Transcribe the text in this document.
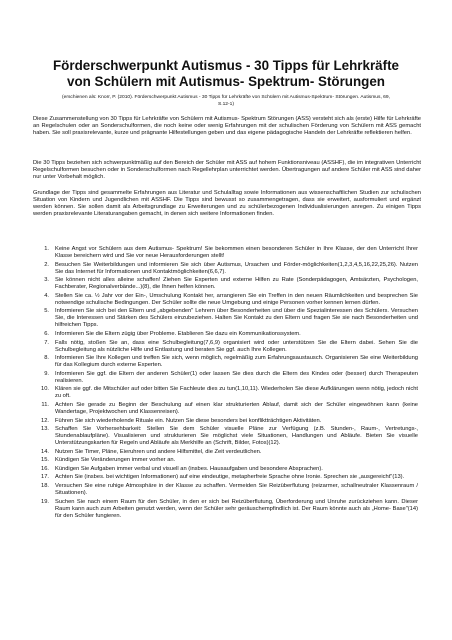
Förderschwerpunkt Autismus - 30 Tipps für Lehrkräfte von Schülern mit Autismus- Spektrum- Störungen
(erschienen als: Knorr, P. (2010). Förderschwerpunkt Autismus - 30 Tipps für Lehrkräfte von Schülern mit Autismus-Spektrum- Störungen. Autismus, 69, S.12-1)

Diese Zusammenstellung von 30 Tipps für Lehrkräfte von Schülern mit Autismus- Spektrum Störungen (ASS) versteht sich als (erste) Hilfe für Lehrkräfte an Regelschulen oder an Sonderschulformen, die noch keine oder wenig Erfahrungen mit der schulischen Förderung von Schülern mit ASS gemacht haben. Sie soll praxisrelevante, kurze und prägnante Hilfestellungen geben und das eigene pädagogische Handeln der Lehrkräfte reflektieren helfen.

Die 30 Tipps beziehen sich schwerpunktmäßig auf den Bereich der Schüler mit ASS auf hohem Funktionsniveau (ASSHF), die im integrativen Unterricht Regelschulformen besuchen oder in Sonderschulformen nach Regellehrplan unterrichtet werden. Übertragungen auf andere Schüler mit ASS sind daher nur unter Vorbehalt möglich.

Grundlage der Tipps sind gesammelte Erfahrungen aus Literatur und Schulalltag sowie Informationen aus wissenschaftlichen Studien zur schulischen Situation von Kindern und Jugendlichen mit ASSHF. Die Tipps sind bewusst so zusammengetragen, dass sie erweitert, ausformuliert und ergänzt werden können. Sie sollen damit als Arbeitsgrundlage zu Erweiterungen und zu schülerbezogenen Individualisierungen anregen. Zu einigen Tipps werden praxisrelevante Literaturangaben gemacht, in denen sich weitere Informationen finden.

1.	Keine Angst vor Schülern aus dem Autismus- Spektrum! Sie bekommen einen besonderen Schüler in Ihre Klasse, der den Unterricht Ihrer Klasse bereichern wird und Sie vor neue Herausforderungen stellt!
2.	Besuchen Sie Weiterbildungen und informieren Sie sich über Autismus, Ursachen und Förder-möglichkeiten(1,2,3,4,5,16,22,25,26). Nutzen Sie das Internet für Informationen und Kontaktmöglichkeiten(6,6,7).
3.	Sie können nicht alles alleine schaffen! Ziehen Sie Experten und externe Hilfen zu Rate (Sonderpädagogen, Amtsärzten, Psychologen, Fachberater, Regionalverbände...)(8), die Ihnen helfen können.
4.	Stellen Sie ca. ½ Jahr vor der Ein-, Umschulung Kontakt her, arrangieren Sie ein Treffen in den neuen Räumlichkeiten und besprechen Sie notwendige schulische Bedingungen. Der Schüler sollte die neue Umgebung und einige Personen vorher kennen lernen dürfen.
5.	Informieren Sie sich bei den Eltern und „abgebenden" Lehrern über Besonderheiten und über die Spezialinteressen des Schülers. Versuchen Sie, die Interessen und Stärken des Schülers einzubeziehen. Halten Sie Kontakt zu den Eltern und fragen Sie sie nach Besonderheiten und hilfreichen Tipps.
6.	Informieren Sie die Eltern zügig über Probleme. Etablieren Sie dazu ein Kommunikationssystem.
7.	Falls nötig, stoßen Sie an, dass eine Schulbegleitung(7,6,9) organisiert wird oder unterstützen Sie die Eltern dabei. Sehen Sie die Schulbegleitung als nützliche Hilfe und Entlastung und beraten Sie ggf. auch Ihre Kollegen.
8.	Informieren Sie Ihre Kollegen und treffen Sie sich, wenn möglich, regelmäßig zum Erfahrungsaustausch. Organisieren Sie eine Weiterbildung für das Kollegium durch externe Experten.
9.	Informieren Sie ggf. die Eltern der anderen Schüler(1) oder lassen Sie dies durch die Eltern des Kindes oder (besser) durch Therapeuten realisieren.
10.	Klären sie ggf. die Mitschüler auf oder bitten Sie Fachleute dies zu tun(1,10,11). Wiederholen Sie diese Aufklärungen wenn nötig, jedoch nicht zu oft.
11.	Achten Sie gerade zu Beginn der Beschulung auf einen klar strukturierten Ablauf, damit sich der Schüler eingewöhnen kann (keine Wandertage, Projektwochen und Klassenreisen).
12.	Führen Sie sich wiederholende Rituale ein. Nutzen Sie diese besonders bei konfliktträchtigen Aktivitäten.
13.	Schaffen Sie Vorhersehbarkeit: Stellen Sie dem Schüler visuelle Pläne zur Verfügung (z.B. Stunden-, Raum-, Vertretungs-, Stundenablaufpläne). Visualisieren und strukturieren Sie möglichst viele Situationen, Handlungen und Abläufe. Bieten Sie visuelle Unterstützungskarten für Regeln und Abläufe als Merkhilfe an (Schrift, Bilder, Fotos)(12).
14.	Nutzen Sie Timer, Pläne, Eieruhren und andere Hilfsmittel, die Zeit verdeutlichen.
15.	Kündigen Sie Veränderungen immer vorher an.
16.	Kündigen Sie Aufgaben immer verbal und visuell an (insbes. Hausaufgaben und besondere Absprachen).
17.	Achten Sie (insbes. bei wichtigen Informationen) auf eine eindeutige, metapherfreie Sprache ohne Ironie. Sprechen sie „ausgereicht"(13).
18.	Versuchen Sie eine ruhige Atmosphäre in der Klasse zu schaffen. Vermeiden Sie Reizüberflutung (reizarmer, schallneutraler Klassenraum / Situationen).
19.	Suchen Sie nach einem Raum für den Schüler, in den er sich bei Reizüberflutung, Überforderung und Unruhe zurückziehen kann. Dieser Raum kann auch zum Arbeiten genutzt werden, wenn der Schüler sehr geräuschempfindlich ist. Der Raum könnte auch als „Home- Base"(14) für den Schüler fungieren.
